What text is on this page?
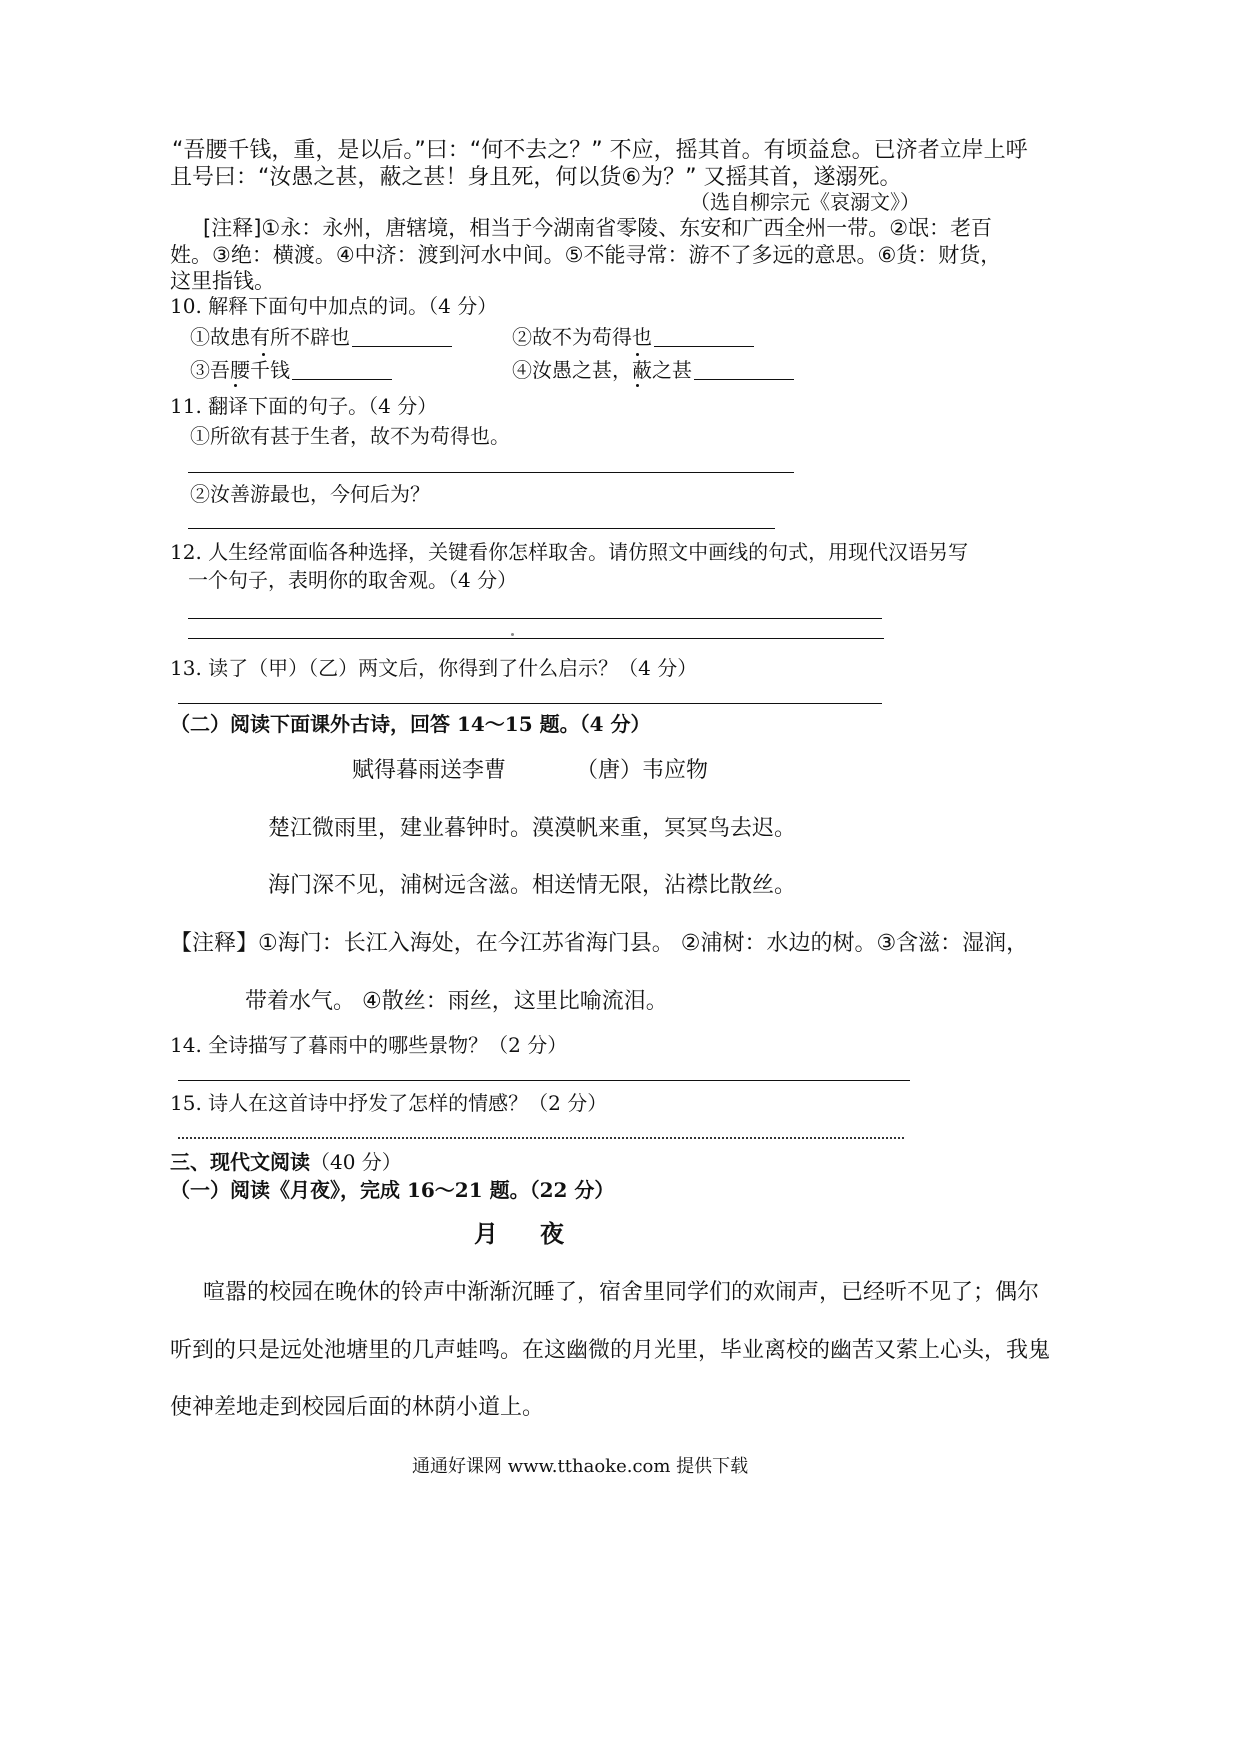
“吾腰千钱，重，是以后。”曰：“何不去之？” 不应，摇其首。有顷益怠。已济者立岸上呼
且号曰：“汝愚之甚，蔽之甚！身且死，何以货⑥为？” 又摇其首，遂溺死。
（选自柳宗元《哀溺文》）
[注释]①永：永州，唐辖境，相当于今湖南省零陵、东安和广西全州一带。②氓：老百
姓。③绝：横渡。④中济：渡到河水中间。⑤不能寻常：游不了多远的意思。⑥货：财货，
这里指钱。
10. 解释下面句中加点的词。（4 分）
①故患有所不辟也	②故不为苟得也
③吾腰千钱	④汝愚之甚，蔽之甚
11. 翻译下面的句子。（4 分）
①所欲有甚于生者，故不为苟得也。
②汝善游最也，今何后为？
12. 人生经常面临各种选择，关键看你怎样取舍。请仿照文中画线的句式，用现代汉语另写
一个句子，表明你的取舍观。（4 分）
13. 读了（甲）（乙）两文后，你得到了什么启示？（4 分）
（二）阅读下面课外古诗，回答 14～15 题。（4 分）
赋得暮雨送李曹	（唐）韦应物
楚江微雨里，建业暮钟时。漠漠帆来重，冥冥鸟去迟。
海门深不见，浦树远含滋。相送情无限，沾襟比散丝。
【注释】①海门：长江入海处，在今江苏省海门县。 ②浦树：水边的树。③含滋：湿润，
带着水气。 ④散丝：雨丝，这里比喻流泪。
14. 全诗描写了暮雨中的哪些景物？（2 分）
15. 诗人在这首诗中抒发了怎样的情感？（2 分）
三、现代文阅读（40 分）
（一）阅读《月夜》，完成 16～21 题。（22 分）
月 夜
喧嚣的校园在晚休的铃声中渐渐沉睡了，宿舍里同学们的欢闹声，已经听不见了；偶尔
听到的只是远处池塘里的几声蛙鸣。在这幽微的月光里，毕业离校的幽苦又萦上心头，我鬼
使神差地走到校园后面的林荫小道上。
通通好课网 www.tthaoke.com 提供下载
